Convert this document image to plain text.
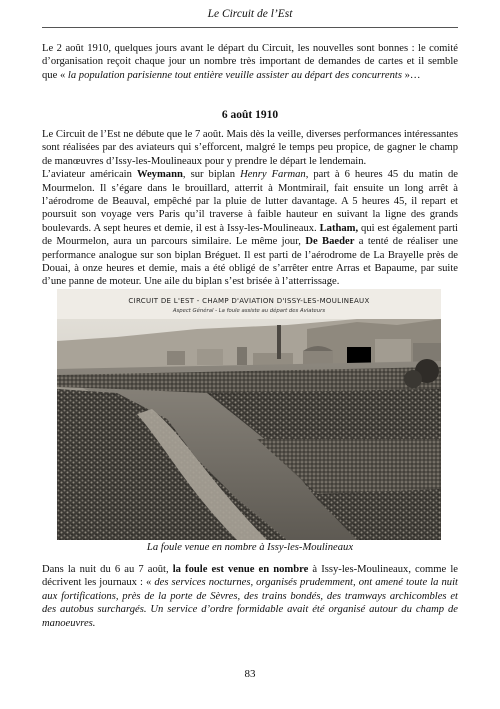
Le Circuit de l’Est
Le 2 août 1910, quelques jours avant le départ du Circuit, les nouvelles sont bonnes : le comité d’organisation reçoit chaque jour un nombre très important de demandes de cartes et il semble que « la population parisienne tout entière veuille assister au départ des concurrents »…
6 août 1910

Le Circuit de l’Est ne débute que le 7 août. Mais dès la veille, diverses performances intéressantes sont réalisées par des aviateurs qui s’efforcent, malgré le temps peu propice, de gagner le champ de manœuvres d’Issy-les-Moulineaux pour y prendre le départ le lendemain.

L’aviateur américain Weymann, sur biplan Henry Farman, part à 6 heures 45 du matin de Mourmelon. Il s’égare dans le brouillard, atterrit à Montmirail, fait ensuite un long arrêt à l’aérodrome de Beauval, empêché par la pluie de lutter davantage. A 5 heures 45, il repart et poursuit son voyage vers Paris qu’il traverse à faible hauteur en suivant la ligne des grands boulevards. A sept heures et demie, il est à Issy-les-Moulineaux. Latham, qui est également parti de Mourmelon, aura un parcours similaire. Le même jour, De Baeder a tenté de réaliser une performance analogue sur son biplan Bréguet. Il est parti de l’aérodrome de La Brayelle près de Douai, à onze heures et demie, mais a été obligé de s’arrêter entre Arras et Bapaume, par suite d’une panne de moteur. Une aile du biplan s’est brisée à l’atterrissage.

CIRCUIT DE L'EST - CHAMP D'AVIATION D'ISSY-LES-MOULINEAUX
Aspect Général - La foule assiste au départ des Aviateurs
La foule venue en nombre à Issy-les-Moulineaux
Dans la nuit du 6 au 7 août, la foule est venue en nombre à Issy-les-Moulineaux, comme le décrivent les journaux : « des services nocturnes, organisés prudemment, ont amené toute la nuit aux fortifications, près de la porte de Sèvres, des trains bondés, des tramways archicombles et des autobus surchargés. Un service d’ordre formidable avait été organisé autour du champ de manoeuvres.
83
